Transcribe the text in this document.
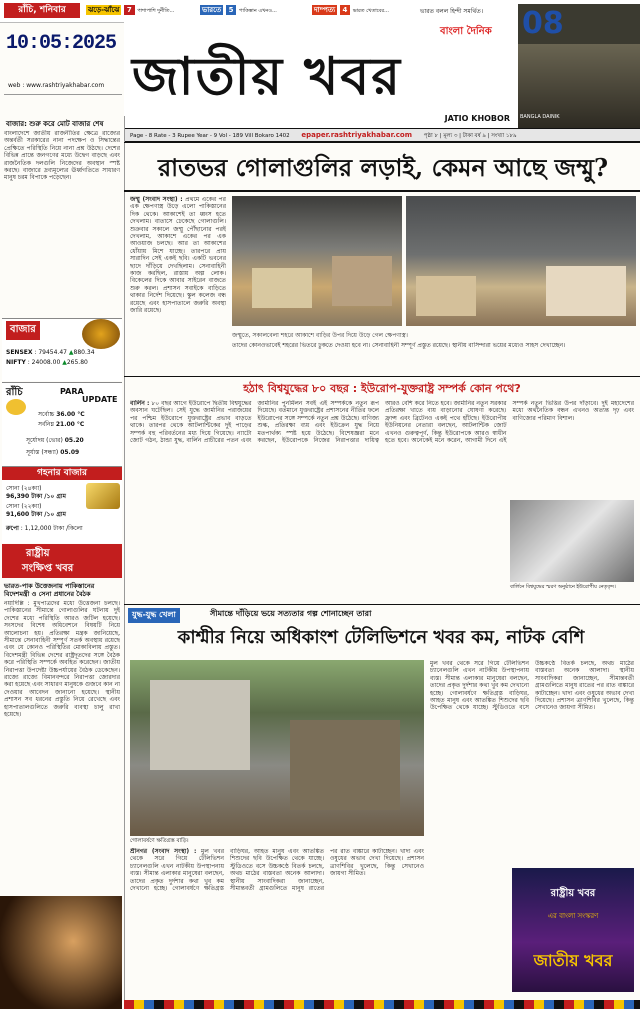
রাঁচি, শনিবার	ঝড়ে-ঝাঁঝে 7 পাশাপাশি দুর্নীতি...	ভারতে 5 পাকিস্তান এখনও...	দাম্পত্য 4 ভারত খেতাবের...	ভারত বলল হিন্দী সমর্থিত।
10:05:2025
web : www.rashtriyakhabar.com
বাংলা দৈনিক
জাতীয় খবর
JATIO KHOBOR
08
BANGLA DAINIK
Page - 8 Rate - 3 Rupee Year - 9 Vol - 189 Vill Bokaro 1402 epaper.rashtriyakhabar.com পৃষ্ঠা ৮ | মূল্য ৩ | টাকা বর্ষ ৯ | সংখ্যা ১৮৯
বাজার: শুরু করে মোট বাজার শেষ
বাংলাদেশে জাতীয় রাজনীতির ক্ষেত্রে রাজ্যের অন্তর্বর্তী সরকারের নানা পদক্ষেপ ও সিদ্ধান্তের প্রেক্ষিতে পরিস্থিতি নিয়ে নানা প্রশ্ন উঠছে। দেশের বিভিন্ন প্রান্তে জনগণের মধ্যে উদ্বেগ বাড়ছে এবং রাজনৈতিক দলগুলি নিজেদের অবস্থান স্পষ্ট করছে। বাজারে দ্রব্যমূল্যের ঊর্ধ্বগতিতে সাধারণ মানুষ চরম বিপাকে পড়েছেন।
বাজার
SENSEX : 79454.47 ▲880.34
NIFTY : 24008.00 ▲265.80
রাঁচি	PARA
UPDATE
সর্বোচ্চ 36.00 °C
সর্বনিম্ন 21.00 °C
সূর্যোদয় (ভোর) 05.20
সূর্যাস্ত (সন্ধ্যা) 05.09
গহনার বাজার
সোনা (২৪ক্যা)
96,390 টাকা /১০ গ্রাম
সোনা (২২ক্যা)
91,600 টাকা /১০ গ্রাম
রুপো : 1,12,000 টাকা /কিলো
রাষ্ট্রীয়
সংক্ষিপ্ত খবর
ভারত-পাক উত্তেজনায় পাকিস্তানের বিদেশমন্ত্রী ও সেনা প্রধানের বৈঠক
নয়াদিল্লি : মুখপাত্রদের মধ্যে উত্তেজনা চলছে। পাকিস্তানের সীমান্তে গোলাগুলির ঘটনায় দুই দেশের মধ্যে পরিস্থিতি আরও জটিল হয়েছে। সংসদের বিশেষ অধিবেশনে বিষয়টি নিয়ে আলোচনা হয়। প্রতিরক্ষা মন্ত্রক জানিয়েছে, সীমান্তে সেনাবাহিনী সম্পূর্ণ সতর্ক অবস্থায় রয়েছে এবং যে কোনও পরিস্থিতির মোকাবিলায় প্রস্তুত। বিদেশমন্ত্রী বিভিন্ন দেশের রাষ্ট্রদূতদের সঙ্গে বৈঠক করে পরিস্থিতি সম্পর্কে অবহিত করেছেন। জাতীয় নিরাপত্তা উপদেষ্টা উচ্চপর্যায়ের বৈঠক ডেকেছেন। রাজ্যে রাজ্যে বিমানবন্দরে নিরাপত্তা জোরদার করা হয়েছে এবং সাধারণ মানুষকে গুজবে কান না দেওয়ার আবেদন জানানো হয়েছে। স্থানীয় প্রশাসন সব ধরনের প্রস্তুতি নিয়ে রেখেছে এবং হাসপাতালগুলিতে জরুরি ব্যবস্থা চালু রাখা হয়েছে।
রাতভর গোলাগুলির লড়াই, কেমন আছে জম্মু?
জম্মু (সংবাদ সংস্থা) : প্রথমে একের পর এক ক্ষেপণাস্ত্র উড়ে এলো পাকিস্তানের দিক থেকে। আকাশেই তা ধ্বংস হতে দেখলাম। বাতাসে ঢেকেছে গোলাগুলি। শুক্রবার সকালে জম্মু পৌঁছানোর পরই দেখলাম, আকাশে একের পর এক আওয়াজ চলছে। আর তা আকাশের ধোঁয়ায় মিশে যাচ্ছে। তারপরে প্রায় সারাদিন সেই একই ছবি। একটি ভবনের ছাদে দাঁড়িয়ে দেখছিলাম। সেনাবাহিনী কাজ করছিল, রাস্তায় অল্প লোক। বিকেলের দিকে আবার সাইরেন বাজতে শুরু করল। প্রশাসন সবাইকে বাড়িতে থাকার নির্দেশ দিয়েছে। স্কুল কলেজ বন্ধ রয়েছে এবং হাসপাতালে জরুরি অবস্থা জারি রয়েছে।
জম্মুতে, সকালবেলা শহরে আকাশে বাড়ির উপর দিয়ে উড়ে গেল ক্ষেপণাস্ত্র।
তাদের কোনওভাবেই শহরের ভিতরে ঢুকতে দেওয়া হবে না। সেনাবাহিনী সম্পূর্ণ প্রস্তুত রয়েছে। স্থানীয় বাসিন্দারা ভয়ের মধ্যেও সাহস দেখাচ্ছেন।
হঠাৎ বিশ্বযুদ্ধের ৮০ বছর : ইউরোপ-যুক্তরাষ্ট্র সম্পর্ক কোন পথে?
বার্লিন : ৮০ বছর আগে ইউরোপে দ্বিতীয় বিশ্বযুদ্ধের অবসান ঘটেছিল। সেই যুদ্ধে জার্মানির পরাজয়ের পর পশ্চিম ইউরোপে যুক্তরাষ্ট্রের প্রভাব বাড়তে থাকে। তারপর থেকে আটলান্টিকের দুই পাড়ের সম্পর্ক বহু পরিবর্তনের মধ্য দিয়ে গিয়েছে। ন্যাটো জোট গঠন, ঠান্ডা যুদ্ধ, বার্লিন প্রাচীরের পতন এবং জার্মানির পুনর্মিলন সবই এই সম্পর্ককে নতুন রূপ দিয়েছে। বর্তমানে যুক্তরাষ্ট্রের প্রশাসনের নীতির ফলে ইউরোপের সঙ্গে সম্পর্কে নতুন প্রশ্ন উঠেছে। বাণিজ্য শুল্ক, প্রতিরক্ষা ব্যয় এবং ইউক্রেন যুদ্ধ নিয়ে মতপার্থক্য স্পষ্ট হয়ে উঠেছে। বিশেষজ্ঞরা মনে করছেন, ইউরোপকে নিজের নিরাপত্তার দায়িত্ব আরও বেশি করে নিতে হবে। জার্মানির নতুন সরকার প্রতিরক্ষা খাতে ব্যয় বাড়ানোর ঘোষণা করেছে। ফ্রান্স এবং ব্রিটেনও একই পথে হাঁটছে। ইউরোপীয় ইউনিয়নের নেতারা বলছেন, আটলান্টিক জোট এখনও গুরুত্বপূর্ণ, কিন্তু ইউরোপকে আরও স্বাধীন হতে হবে। অনেকেই মনে করেন, আগামী দিনে এই সম্পর্ক নতুন ভিত্তির উপর দাঁড়াবে। দুই মহাদেশের মধ্যে অর্থনৈতিক বন্ধন এখনও অত্যন্ত দৃঢ় এবং বাণিজ্যের পরিমাণ বিশাল।
বার্লিনে বিশ্বযুদ্ধের স্মরণ অনুষ্ঠানে ইউরোপীয় নেতৃবৃন্দ।
যুদ্ধ-যুদ্ধ খেলা	সীমান্তে দাঁড়িয়ে ভয়ে সত্যতার গল্প শোনাচ্ছেন তারা
কাশ্মীর নিয়ে অধিকাংশ টেলিভিশনে খবর কম, নাটক বেশি
গোলাবর্ষণে ক্ষতিগ্রস্ত বাড়ি।
শ্রীনগর (সংবাদ সংস্থা) : মুল খবর থেকে সরে গিয়ে টেলিভিশন চ্যানেলগুলি এখন নাটকীয় উপস্থাপনায় ব্যস্ত। সীমান্ত এলাকার মানুষেরা বলছেন, তাদের প্রকৃত দুর্দশার কথা খুব কম দেখানো হচ্ছে। গোলাবর্ষণে ক্ষতিগ্রস্ত বাড়িঘর, আহত মানুষ এবং আতঙ্কিত শিশুদের ছবি উপেক্ষিত থেকে যাচ্ছে। স্টুডিওতে বসে উচ্চকণ্ঠে বিতর্ক চলছে, অথচ মাঠের বাস্তবতা অনেক আলাদা। স্থানীয় সাংবাদিকরা জানাচ্ছেন, সীমান্তবর্তী গ্রামগুলিতে মানুষ রাতের পর রাত বাঙ্কারে কাটাচ্ছেন। খাদ্য এবং ওষুধের অভাব দেখা দিয়েছে। প্রশাসন ত্রাণশিবির খুলেছে, কিন্তু সেখানেও জায়গা সীমিত।
মুল খবর থেকে সরে গিয়ে টেলিভিশন চ্যানেলগুলি এখন নাটকীয় উপস্থাপনায় ব্যস্ত। সীমান্ত এলাকার মানুষেরা বলছেন, তাদের প্রকৃত দুর্দশার কথা খুব কম দেখানো হচ্ছে। গোলাবর্ষণে ক্ষতিগ্রস্ত বাড়িঘর, আহত মানুষ এবং আতঙ্কিত শিশুদের ছবি উপেক্ষিত থেকে যাচ্ছে। স্টুডিওতে বসে উচ্চকণ্ঠে বিতর্ক চলছে, অথচ মাঠের বাস্তবতা অনেক আলাদা। স্থানীয় সাংবাদিকরা জানাচ্ছেন, সীমান্তবর্তী গ্রামগুলিতে মানুষ রাতের পর রাত বাঙ্কারে কাটাচ্ছেন। খাদ্য এবং ওষুধের অভাব দেখা দিয়েছে। প্রশাসন ত্রাণশিবির খুলেছে, কিন্তু সেখানেও জায়গা সীমিত।
রাষ্ট্রীয় খবর
এর বাংলা সংস্করণ
জাতীয় খবর
